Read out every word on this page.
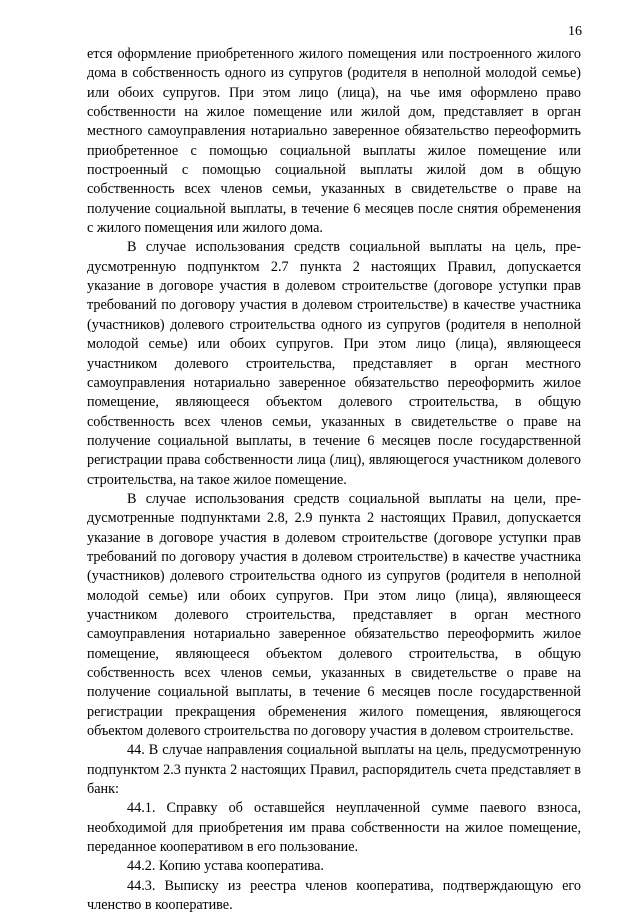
16

ется оформление приобретенного жилого помещения или построенного жилого дома в собственность одного из супругов (родителя в неполной молодой семье) или обоих супругов. При этом лицо (лица), на чье имя оформлено право собственности на жилое помещение или жилой дом, представляет в орган местного самоуправления нотариально заверенное обязательство переоформить приобретенное с помощью социальной выплаты жилое помещение или построенный с помощью социальной выплаты жилой дом в общую собственность всех членов семьи, указанных в свидетельстве о праве на получение социальной выплаты, в течение 6 месяцев после снятия обременения с жилого помещения или жилого дома.

В случае использования средств социальной выплаты на цель, предусмотренную подпунктом 2.7 пункта 2 настоящих Правил, допускается указание в договоре участия в долевом строительстве (договоре уступки прав требований по договору участия в долевом строительстве) в качестве участника (участников) долевого строительства одного из супругов (родителя в неполной молодой семье) или обоих супругов. При этом лицо (лица), являющееся участником долевого строительства, представляет в орган местного самоуправления нотариально заверенное обязательство переоформить жилое помещение, являющееся объектом долевого строительства, в общую собственность всех членов семьи, указанных в свидетельстве о праве на получение социальной выплаты, в течение 6 месяцев после государственной регистрации права собственности лица (лиц), являющегося участником долевого строительства, на такое жилое помещение.

В случае использования средств социальной выплаты на цели, предусмотренные подпунктами 2.8, 2.9 пункта 2 настоящих Правил, допускается указание в договоре участия в долевом строительстве (договоре уступки прав требований по договору участия в долевом строительстве) в качестве участника (участников) долевого строительства одного из супругов (родителя в неполной молодой семье) или обоих супругов. При этом лицо (лица), являющееся участником долевого строительства, представляет в орган местного самоуправления нотариально заверенное обязательство переоформить жилое помещение, являющееся объектом долевого строительства, в общую собственность всех членов семьи, указанных в свидетельстве о праве на получение социальной выплаты, в течение 6 месяцев после государственной регистрации прекращения обременения жилого помещения, являющегося объектом долевого строительства по договору участия в долевом строительстве.

44. В случае направления социальной выплаты на цель, предусмотренную подпунктом 2.3 пункта 2 настоящих Правил, распорядитель счета представляет в банк:

44.1. Справку об оставшейся неуплаченной сумме паевого взноса, необходимой для приобретения им права собственности на жилое помещение, переданное кооперативом в его пользование.

44.2. Копию устава кооператива.

44.3. Выписку из реестра членов кооператива, подтверждающую его членство в кооперативе.
